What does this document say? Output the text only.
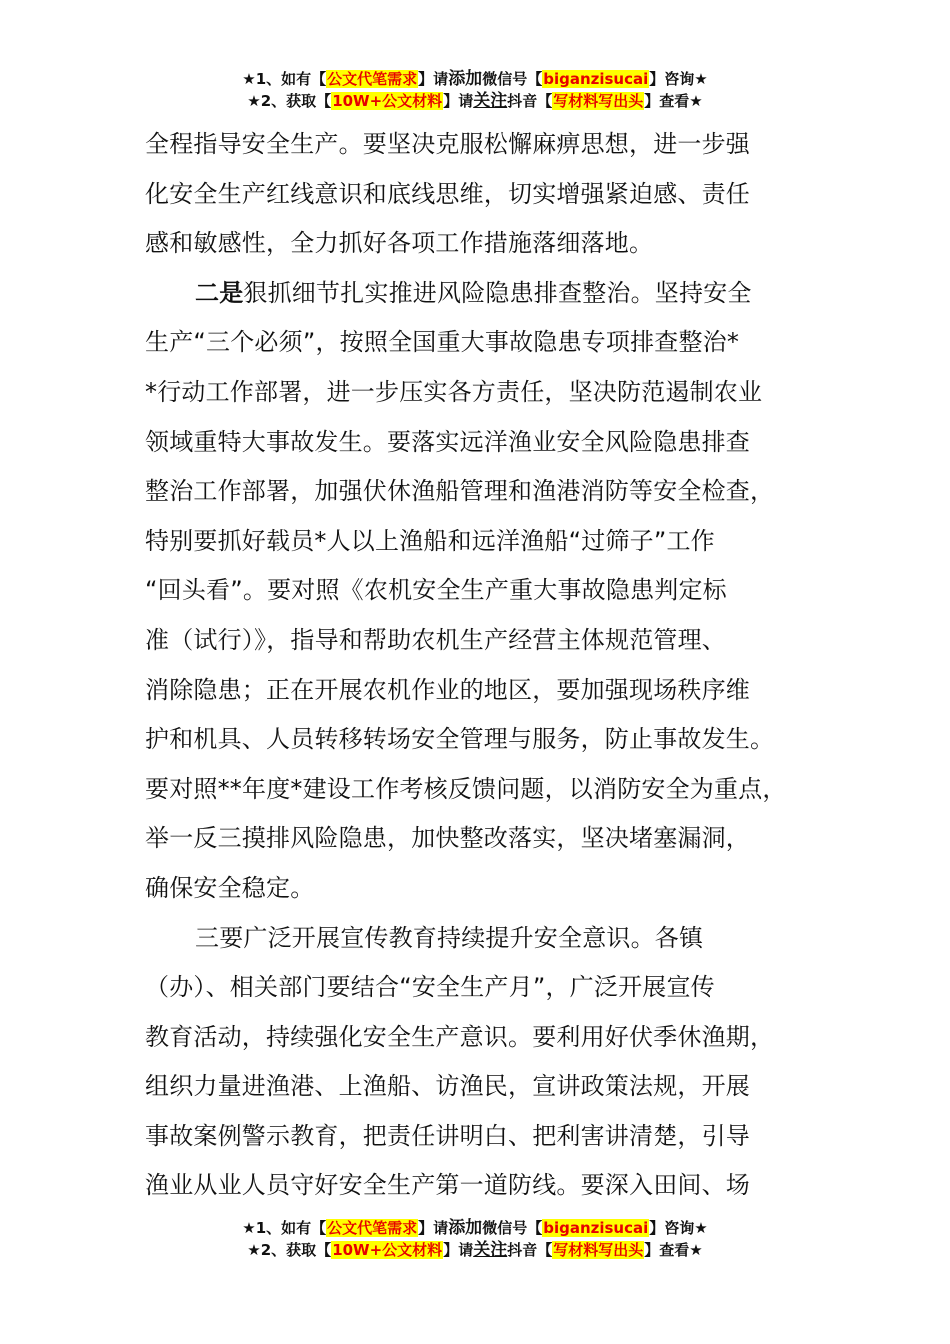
★1、如有【公文代笔需求】请添加微信号【biganzisucai】咨询★
★2、获取【10W+公文材料】请关注抖音【写材料写出头】查看★
全程指导安全生产。要坚决克服松懈麻痹思想，进一步强
化安全生产红线意识和底线思维，切实增强紧迫感、责任
感和敏感性，全力抓好各项工作措施落细落地。
二是狠抓细节扎实推进风险隐患排查整治。坚持安全
生产“三个必须”，按照全国重大事故隐患专项排查整治*
*行动工作部署，进一步压实各方责任，坚决防范遏制农业
领域重特大事故发生。要落实远洋渔业安全风险隐患排查
整治工作部署，加强伏休渔船管理和渔港消防等安全检查，
特别要抓好载员*人以上渔船和远洋渔船“过筛子”工作
“回头看”。要对照《农机安全生产重大事故隐患判定标
准（试行）》，指导和帮助农机生产经营主体规范管理、
消除隐患；正在开展农机作业的地区，要加强现场秩序维
护和机具、人员转移转场安全管理与服务，防止事故发生。
要对照**年度*建设工作考核反馈问题，以消防安全为重点，
举一反三摸排风险隐患，加快整改落实，坚决堵塞漏洞，
确保安全稳定。
三要广泛开展宣传教育持续提升安全意识。各镇
（办）、相关部门要结合“安全生产月”，广泛开展宣传
教育活动，持续强化安全生产意识。要利用好伏季休渔期，
组织力量进渔港、上渔船、访渔民，宣讲政策法规，开展
事故案例警示教育，把责任讲明白、把利害讲清楚，引导
渔业从业人员守好安全生产第一道防线。要深入田间、场
★1、如有【公文代笔需求】请添加微信号【biganzisucai】咨询★
★2、获取【10W+公文材料】请关注抖音【写材料写出头】查看★
